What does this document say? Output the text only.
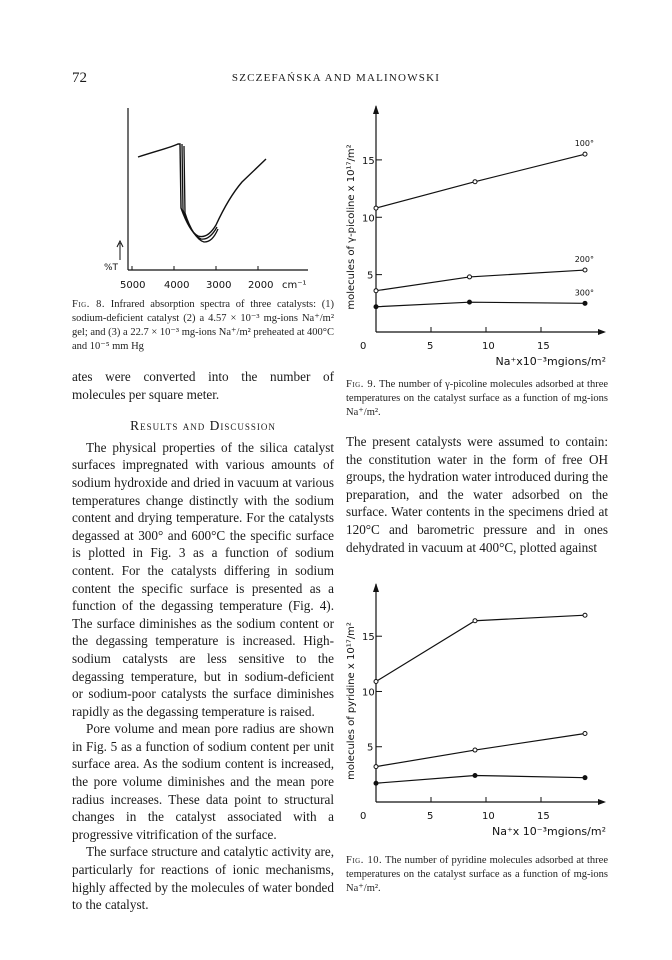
72	SZCZEFAŃSKA AND MALINOWSKI
%T
5000 4000 3000 2000 cm⁻¹
Fig. 8. Infrared absorption spectra of three catalysts: (1) sodium-deficient catalyst (2) a 4.57 × 10⁻³ mg-ions Na⁺/m² gel; and (3) a 22.7 × 10⁻³ mg-ions Na⁺/m² preheated at 400°C and 10⁻⁵ mm Hg

ates were converted into the number of molecules per square meter.

Results and Discussion

The physical properties of the silica catalyst surfaces impregnated with various amounts of sodium hydroxide and dried in vacuum at various temperatures change distinctly with the sodium content and drying temperature. For the catalysts degassed at 300° and 600°C the specific surface is plotted in Fig. 3 as a function of sodium content. For the catalysts differing in sodium content the specific surface is presented as a function of the degassing temperature (Fig. 4). The surface diminishes as the sodium content or the degassing temperature is increased. High-sodium catalysts are less sensitive to the degassing temperature, but in sodium-deficient or sodium-poor catalysts the surface diminishes rapidly as the degassing temperature is raised.

Pore volume and mean pore radius are shown in Fig. 5 as a function of sodium content per unit surface area. As the sodium content is increased, the pore volume diminishes and the mean pore radius increases. These data point to structural changes in the catalyst associated with a progressive vitrification of the surface.

The surface structure and catalytic activity are, particularly for reactions of ionic mechanisms, highly affected by the molecules of water bonded to the catalyst.

0	5	10	15
5
10
15
molecules of γ-picoline x 10¹⁷/m²
Na⁺x10⁻³mgions/m²
100°
200°
300°
Fig. 9. The number of γ-picoline molecules adsorbed at three temperatures on the catalyst surface as a function of mg-ions Na⁺/m².

The present catalysts were assumed to contain: the constitution water in the form of free OH groups, the hydration water introduced during the preparation, and the water adsorbed on the surface. Water contents in the specimens dried at 120°C and barometric pressure and in ones dehydrated in vacuum at 400°C, plotted against

0	5	10	15
5
10
15
molecules of pyridine x 10¹⁷/m²
Na⁺x 10⁻³mgions/m²
Fig. 10. The number of pyridine molecules adsorbed at three temperatures on the catalyst surface as a function of mg-ions Na⁺/m².
